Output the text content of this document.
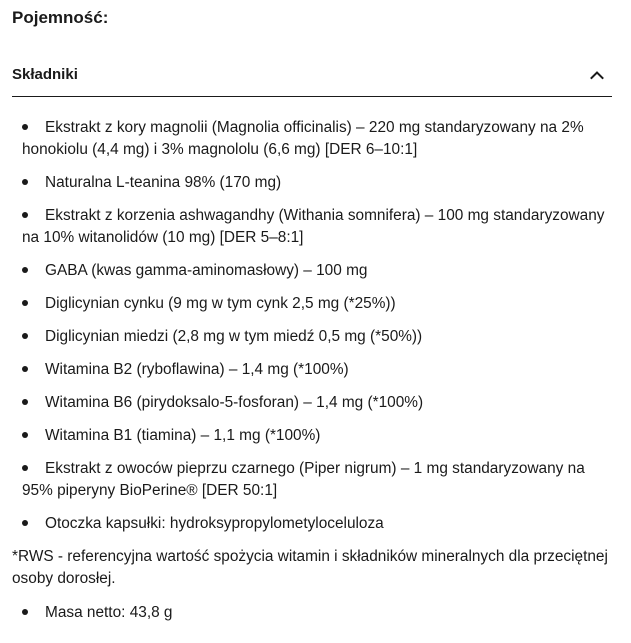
Pojemność:
Składniki
Ekstrakt z kory magnolii (Magnolia officinalis) – 220 mg standaryzowany na 2% honokiolu (4,4 mg) i 3% magnololu (6,6 mg) [DER 6–10:1]
Naturalna L-teanina 98% (170 mg)
Ekstrakt z korzenia ashwagandhy (Withania somnifera) – 100 mg standaryzowany na 10% witanolidów (10 mg) [DER 5–8:1]
GABA (kwas gamma-aminomasłowy) – 100 mg
Diglicynian cynku (9 mg w tym cynk 2,5 mg (*25%))
Diglicynian miedzi (2,8 mg w tym miedź 0,5 mg (*50%))
Witamina B2 (ryboflawina) – 1,4 mg (*100%)
Witamina B6 (pirydoksalo-5-fosforan) – 1,4 mg (*100%)
Witamina B1 (tiamina) – 1,1 mg (*100%)
Ekstrakt z owoców pieprzu czarnego (Piper nigrum) – 1 mg standaryzowany na 95% piperyny BioPerine® [DER 50:1]
Otoczka kapsułki: hydroksypropylometyloceluloza

*RWS - referencyjna wartość spożycia witamin i składników mineralnych dla przeciętnej osoby dorosłej.

Masa netto: 43,8 g
